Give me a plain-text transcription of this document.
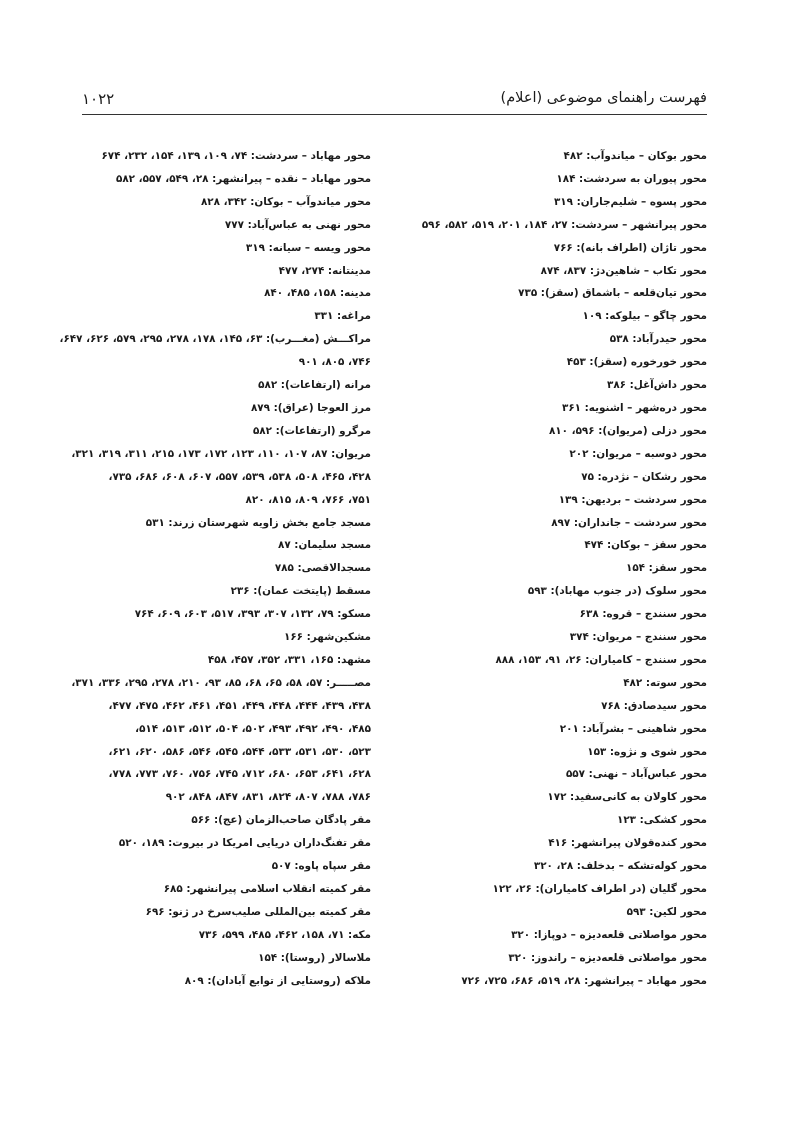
فهرست راهنمای موضوعی (اعلام)
۱۰۲۲
محور بوکان – میاندوآب: ۴۸۲
محور پیوران به سردشت: ۱۸۴
محور پسوه – شلیم‌جاران: ۳۱۹
محور پیرانشهر – سردشت: ۲۷، ۱۸۴، ۲۰۱، ۵۱۹، ۵۸۲، ۵۹۶
محور تاژان (اطراف بانه): ۷۶۶
محور تکاب – شاهین‌دژ: ۸۳۷، ۸۷۴
محور تیان‌قلعه – باشماق (سقز): ۷۳۵
محور چاگو – بیلوکه: ۱۰۹
محور حیدرآباد: ۵۳۸
محور خورخوره (سقز): ۴۵۳
محور داش‌آغل: ۳۸۶
محور دره‌شهر – اشنویه: ۳۶۱
محور دزلی (مریوان): ۵۹۶، ۸۱۰
محور دوسبه – مریوان: ۲۰۲
محور رشکان – نژدره: ۷۵
محور سردشت – بردیهن: ۱۳۹
محور سردشت – جانداران: ۸۹۷
محور سقز – بوکان: ۴۷۴
محور سقز: ۱۵۴
محور سلوک (در جنوب مهاباد): ۵۹۳
محور سنندج – قروه: ۶۳۸
محور سنندج – مریوان: ۳۷۴
محور سنندج – کامیاران: ۲۶، ۹۱، ۱۵۳، ۸۸۸
محور سوته: ۴۸۲
محور سیدصادق: ۷۶۸
محور شاهینی – بشرآباد: ۲۰۱
محور شوی و نژوه: ۱۵۳
محور عباس‌آباد – نهنی: ۵۵۷
محور کاولان به کانی‌سفید: ۱۷۲
محور کشکی: ۱۲۳
محور کنده‌قولان پیرانشهر: ۴۱۶
محور کوله‌تشکه – بدخلف: ۲۸، ۳۲۰
محور گلیان (در اطراف کامیاران): ۲۶، ۱۲۲
محور لکین: ۵۹۳
محور مواصلاتی قلعه‌دیزه – دوپازا: ۳۲۰
محور مواصلاتی قلعه‌دیزه – راندوز: ۳۲۰
محور مهاباد – پیرانشهر: ۲۸، ۵۱۹، ۶۸۶، ۷۲۵، ۷۲۶
محور مهاباد – سردشت: ۷۴، ۱۰۹، ۱۳۹، ۱۵۴، ۲۳۲، ۶۷۴
محور مهاباد – نقده – پیرانشهر: ۲۸، ۵۴۹، ۵۵۷، ۵۸۲
محور میاندوآب – بوکان: ۳۴۲، ۸۲۸
محور نهنی به عباس‌آباد: ۷۷۷
محور ویسه – سیانه: ۳۱۹
مدینتانه: ۲۷۴، ۴۷۷
مدینه: ۱۵۸، ۴۸۵، ۸۴۰
مراغه: ۳۳۱
مراکـــش (مغـــرب): ۶۳، ۱۴۵، ۱۷۸، ۲۷۸، ۲۹۵، ۵۷۹، ۶۲۶، ۶۴۷،
۷۴۶، ۸۰۵، ۹۰۱
مرانه (ارتفاعات): ۵۸۲
مرز العوجا (عراق): ۸۷۹
مرگرو (ارتفاعات): ۵۸۲
مریوان: ۸۷، ۱۰۷، ۱۱۰، ۱۲۳، ۱۷۲، ۱۷۳، ۲۱۵، ۳۱۱، ۳۱۹، ۳۲۱،
۴۲۸، ۴۶۵، ۵۰۸، ۵۳۸، ۵۳۹، ۵۵۷، ۶۰۷، ۶۰۸، ۶۸۶، ۷۳۵،
۷۵۱، ۷۶۶، ۸۰۹، ۸۱۵، ۸۲۰
مسجد جامع بخش زاویه شهرستان زرند: ۵۳۱
مسجد سلیمان: ۸۷
مسجدالاقصی: ۷۸۵
مسقط (پایتخت عمان): ۲۳۶
مسکو: ۷۹، ۱۳۲، ۳۰۷، ۳۹۳، ۵۱۷، ۶۰۳، ۶۰۹، ۷۶۴
مشکین‌شهر: ۱۶۶
مشهد: ۱۶۵، ۳۳۱، ۳۵۲، ۴۵۷، ۴۵۸
مصـــــر: ۵۷، ۵۸، ۶۵، ۶۸، ۸۵، ۹۳، ۲۱۰، ۲۷۸، ۲۹۵، ۳۳۶، ۳۷۱،
۴۳۸، ۴۳۹، ۴۴۴، ۴۴۸، ۴۴۹، ۴۵۱، ۴۶۱، ۴۶۲، ۴۷۵، ۴۷۷،
۴۸۵، ۴۹۰، ۴۹۲، ۴۹۳، ۵۰۲، ۵۰۴، ۵۱۲، ۵۱۳، ۵۱۴،
۵۲۳، ۵۳۰، ۵۳۱، ۵۳۳، ۵۴۴، ۵۴۵، ۵۴۶، ۵۸۶، ۶۲۰، ۶۲۱،
۶۲۸، ۶۴۱، ۶۵۳، ۶۸۰، ۷۱۲، ۷۴۵، ۷۵۶، ۷۶۰، ۷۷۳، ۷۷۸،
۷۸۶، ۷۸۸، ۸۰۷، ۸۲۴، ۸۳۱، ۸۴۷، ۸۴۸، ۹۰۲
مقر پادگان صاحب‌الزمان (عج): ۵۶۶
مقر تفنگ‌داران دریایی امریکا در بیروت: ۱۸۹، ۵۲۰
مقر سپاه پاوه: ۵۰۷
مقر کمیته انقلاب اسلامی پیرانشهر: ۶۸۵
مقر کمیته بین‌المللی صلیب‌سرخ در ژنو: ۶۹۶
مکه: ۷۱، ۱۵۸، ۴۶۲، ۴۸۵، ۵۹۹، ۷۳۶
ملاسالار (روستا): ۱۵۴
ملاکه (روستایی از توابع آبادان): ۸۰۹
